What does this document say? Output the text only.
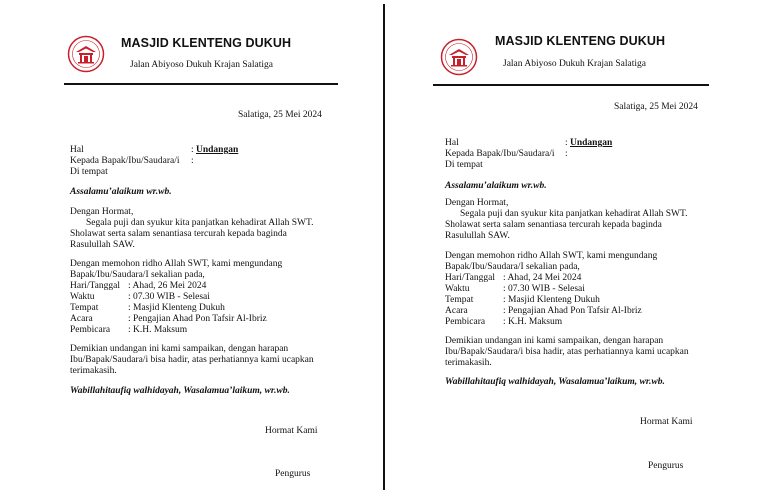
MASJID KLENTENG DUKUH
Jalan Abiyoso Dukuh Krajan Salatiga
Salatiga, 25 Mei 2024
Hal	: Undangan
Kepada Bapak/Ibu/Saudara/i :
Di tempat
Assalamu’alaikum wr.wb.
Dengan Hormat,
Segala puji dan syukur kita panjatkan kehadirat Allah SWT.
Sholawat serta salam senantiasa tercurah kepada baginda
Rasulullah SAW.
Dengan memohon ridho Allah SWT, kami mengundang
Bapak/Ibu/Saudara/I sekalian pada,
Hari/Tanggal : Ahad, 26 Mei 2024
Waktu	: 07.30 WIB - Selesai
Tempat	: Masjid Klenteng Dukuh
Acara	: Pengajian Ahad Pon Tafsir Al-Ibriz
Pembicara : K.H. Maksum
Demikian undangan ini kami sampaikan, dengan harapan
Ibu/Bapak/Saudara/i bisa hadir, atas perhatiannya kami ucapkan
terimakasih.
Wabillahitaufiq walhidayah, Wasalamua’laikum, wr.wb.
Hormat Kami
Pengurus
MASJID KLENTENG DUKUH
Jalan Abiyoso Dukuh Krajan Salatiga
Salatiga, 25 Mei 2024
Hal	: Undangan
Kepada Bapak/Ibu/Saudara/i :
Di tempat
Assalamu’alaikum wr.wb.
Dengan Hormat,
Segala puji dan syukur kita panjatkan kehadirat Allah SWT.
Sholawat serta salam senantiasa tercurah kepada baginda
Rasulullah SAW.
Dengan memohon ridho Allah SWT, kami mengundang
Bapak/Ibu/Saudara/I sekalian pada,
Hari/Tanggal : Ahad, 24 Mei 2024
Waktu	: 07.30 WIB - Selesai
Tempat	: Masjid Klenteng Dukuh
Acara	: Pengajian Ahad Pon Tafsir Al-Ibriz
Pembicara : K.H. Maksum
Demikian undangan ini kami sampaikan, dengan harapan
Ibu/Bapak/Saudara/i bisa hadir, atas perhatiannya kami ucapkan
terimakasih.
Wabillahitaufiq walhidayah, Wasalamua’laikum, wr.wb.
Hormat Kami
Pengurus
